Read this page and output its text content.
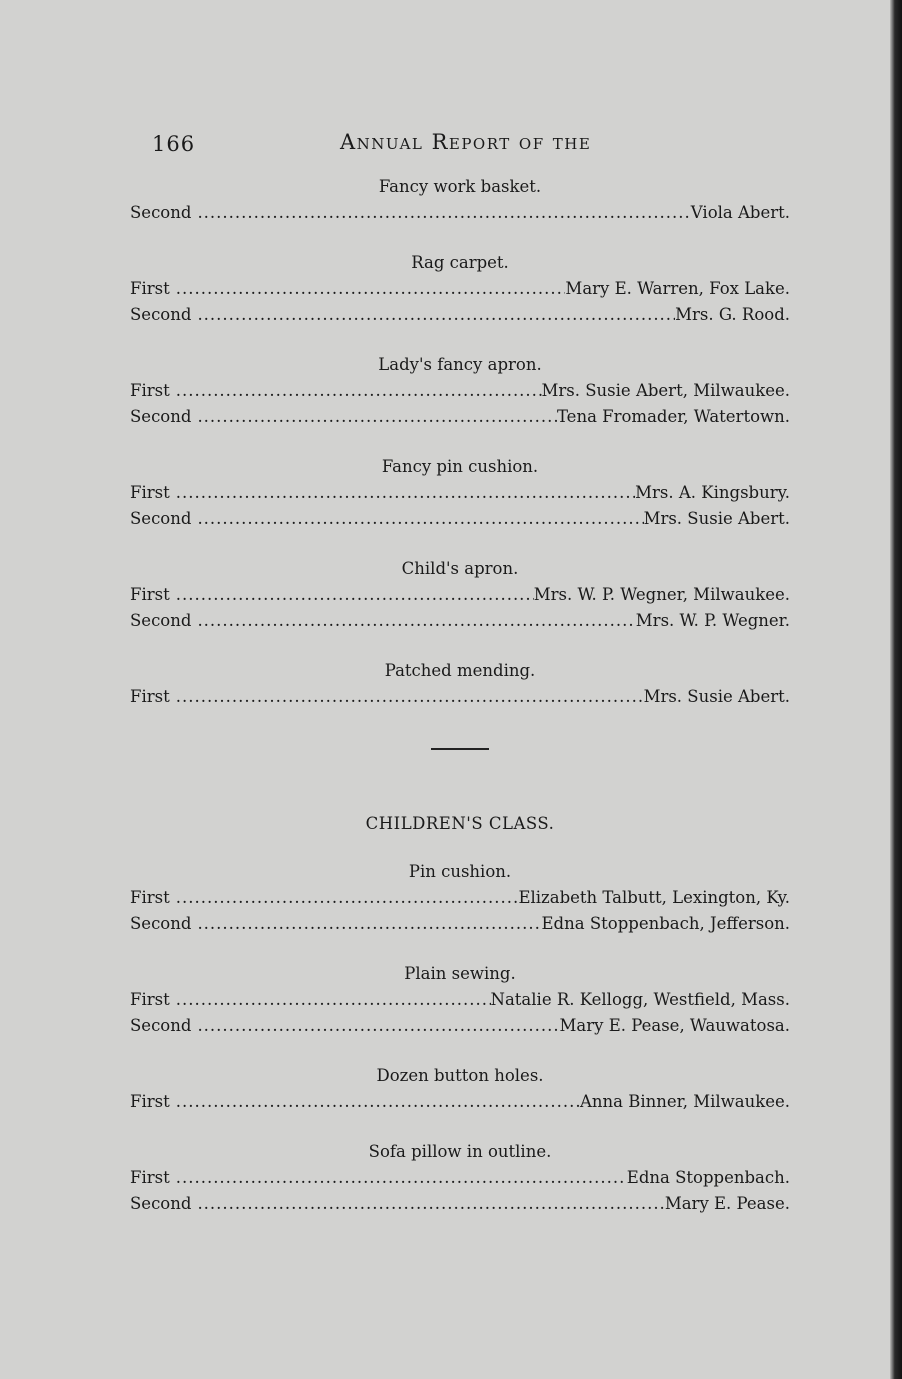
166	Annual Report of the
Fancy work basket.
Second .....	Viola Abert.
Rag carpet.
First .....	Mary E. Warren, Fox Lake.
Second .....	Mrs. G. Rood.
Lady's fancy apron.
First .....	Mrs. Susie Abert, Milwaukee.
Second .....	Tena Fromader, Watertown.
Fancy pin cushion.
First .....	Mrs. A. Kingsbury.
Second .....	Mrs. Susie Abert.
Child's apron.
First .....	Mrs. W. P. Wegner, Milwaukee.
Second .....	Mrs. W. P. Wegner.
Patched mending.
First .....	Mrs. Susie Abert.
CHILDREN'S CLASS.
Pin cushion.
First .....	Elizabeth Talbutt, Lexington, Ky.
Second .....	Edna Stoppenbach, Jefferson.
Plain sewing.
First .....	Natalie R. Kellogg, Westfield, Mass.
Second .....	Mary E. Pease, Wauwatosa.
Dozen button holes.
First .....	Anna Binner, Milwaukee.
Sofa pillow in outline.
First .....	Edna Stoppenbach.
Second .....	Mary E. Pease.
